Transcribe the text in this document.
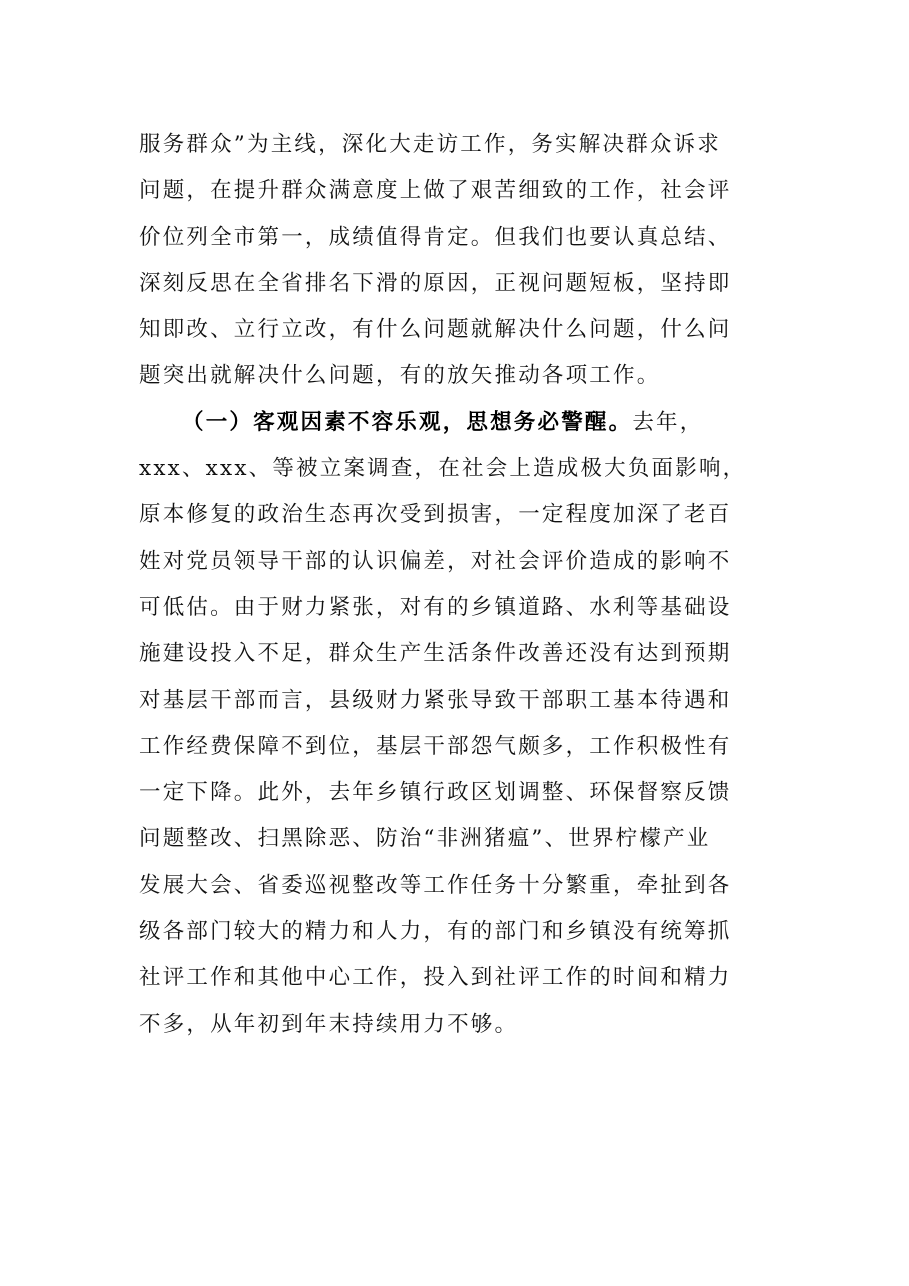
服务群众”为主线，深化大走访工作，务实解决群众诉求
问题，在提升群众满意度上做了艰苦细致的工作，社会评
价位列全市第一，成绩值得肯定。但我们也要认真总结、
深刻反思在全省排名下滑的原因，正视问题短板，坚持即
知即改、立行立改，有什么问题就解决什么问题，什么问
题突出就解决什么问题，有的放矢推动各项工作。
（一）客观因素不容乐观，思想务必警醒。去年，
xxx、xxx、等被立案调查，在社会上造成极大负面影响，
原本修复的政治生态再次受到损害，一定程度加深了老百
姓对党员领导干部的认识偏差，对社会评价造成的影响不
可低估。由于财力紧张，对有的乡镇道路、水利等基础设
施建设投入不足，群众生产生活条件改善还没有达到预期
对基层干部而言，县级财力紧张导致干部职工基本待遇和
工作经费保障不到位，基层干部怨气颇多，工作积极性有
一定下降。此外，去年乡镇行政区划调整、环保督察反馈
问题整改、扫黑除恶、防治“非洲猪瘟”、世界柠檬产业
发展大会、省委巡视整改等工作任务十分繁重，牵扯到各
级各部门较大的精力和人力，有的部门和乡镇没有统筹抓
社评工作和其他中心工作，投入到社评工作的时间和精力
不多，从年初到年末持续用力不够。
